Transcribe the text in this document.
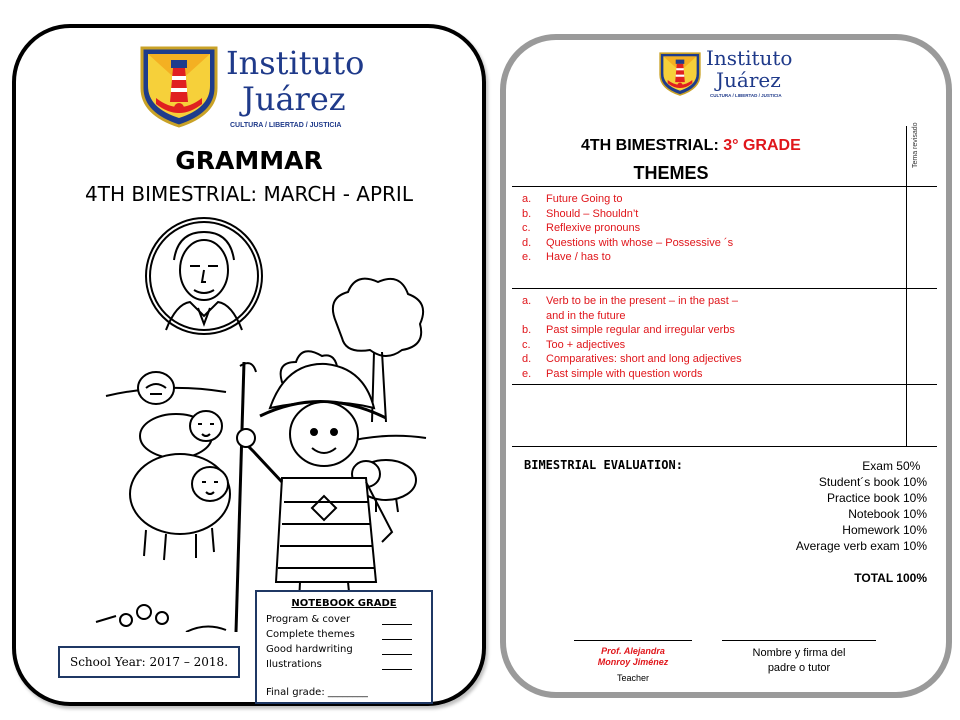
Instituto
Juárez
CULTURA / LIBERTAD / JUSTICIA
GRAMMAR
4TH BIMESTRIAL: MARCH - APRIL
School Year: 2017 – 2018.
NOTEBOOK GRADE
Program & cover
Complete themes
Good hardwriting
Ilustrations
Final grade: ________
Instituto
Juárez
CULTURA / LIBERTAD / JUSTICIA
4TH BIMESTRIAL: 3° GRADE
THEMES
Tema revisado
a.	Future Going to
b.	Should – Shouldn’t
c.	Reflexive pronouns
d.	Questions with whose – Possessive ´s
e.	Have / has to
a.	Verb to be in the present – in the past –
and in the future
b.	Past simple regular and irregular verbs
c.	Too + adjectives
d.	Comparatives: short and long adjectives
e.	Past simple with question words
BIMESTRIAL EVALUATION:	Exam 50%
Student´s book 10%
Practice book 10%
Notebook 10%
Homework 10%
Average verb exam 10%
TOTAL 100%
Prof. Alejandra
Monroy Jiménez
Teacher
Nombre y firma del
padre o tutor
